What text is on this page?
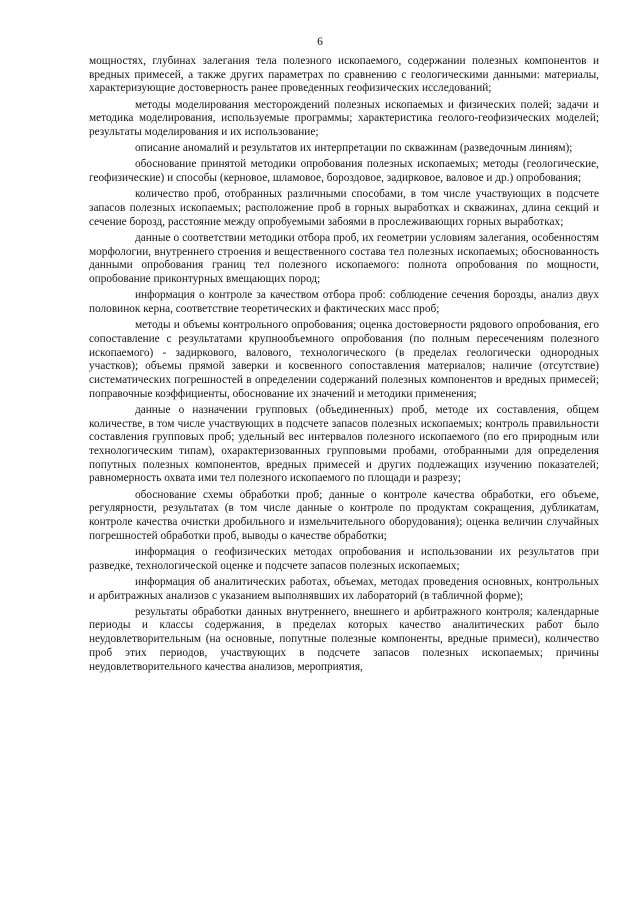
6

мощностях, глубинах залегания тела полезного ископаемого, содержании полезных компонентов и вредных примесей, а также других параметрах по сравнению с геологическими данными: материалы, характеризующие достоверность ранее проведенных геофизических исследований;

методы моделирования месторождений полезных ископаемых и физических полей; задачи и методика моделирования, используемые программы; характеристика геолого-геофизических моделей; результаты моделирования и их использование;

описание аномалий и результатов их интерпретации по скважинам (разведочным линиям);

обоснование принятой методики опробования полезных ископаемых; методы (геологические, геофизические) и способы (керновое, шламовое, бороздовое, задирковое, валовое и др.) опробования;

количество проб, отобранных различными способами, в том числе участвующих в подсчете запасов полезных ископаемых; расположение проб в горных выработках и скважинах, длина секций и сечение борозд, расстояние между опробуемыми забоями в прослеживающих горных выработках;

данные о соответствии методики отбора проб, их геометрии условиям залегания, особенностям морфологии, внутреннего строения и вещественного состава тел полезных ископаемых; обоснованность данными опробования границ тел полезного ископаемого: полнота опробования по мощности, опробование приконтурных вмещающих пород;

информация о контроле за качеством отбора проб: соблюдение сечения борозды, анализ двух половинок керна, соответствие теоретических и фактических масс проб;

методы и объемы контрольного опробования; оценка достоверности рядового опробования, его сопоставление с результатами крупнообъемного опробования (по полным пересечениям полезного ископаемого) - задиркового, валового, технологического (в пределах геологически однородных участков); объемы прямой заверки и косвенного сопоставления материалов; наличие (отсутствие) систематических погрешностей в определении содержаний полезных компонентов и вредных примесей; поправочные коэффициенты, обоснование их значений и методики применения;

данные о назначении групповых (объединенных) проб, методе их составления, общем количестве, в том числе участвующих в подсчете запасов полезных ископаемых; контроль правильности составления групповых проб; удельный вес интервалов полезного ископаемого (по его природным или технологическим типам), охарактеризованных групповыми пробами, отобранными для определения попутных полезных компонентов, вредных примесей и других подлежащих изучению показателей; равномерность охвата ими тел полезного ископаемого по площади и разрезу;

обоснование схемы обработки проб; данные о контроле качества обработки, его объеме, регулярности, результатах (в том числе данные о контроле по продуктам сокращения, дубликатам, контроле качества очистки дробильного и измельчительного оборудования); оценка величин случайных погрешностей обработки проб, выводы о качестве обработки;

информация о геофизических методах опробования и использовании их результатов при разведке, технологической оценке и подсчете запасов полезных ископаемых;

информация об аналитических работах, объемах, методах проведения основных, контрольных и арбитражных анализов с указанием выполнявших их лабораторий (в табличной форме);

результаты обработки данных внутреннего, внешнего и арбитражного контроля; календарные периоды и классы содержания, в пределах которых качество аналитических работ было неудовлетворительным (на основные, попутные полезные компоненты, вредные примеси), количество проб этих периодов, участвующих в подсчете запасов полезных ископаемых; причины неудовлетворительного качества анализов, мероприятия,
